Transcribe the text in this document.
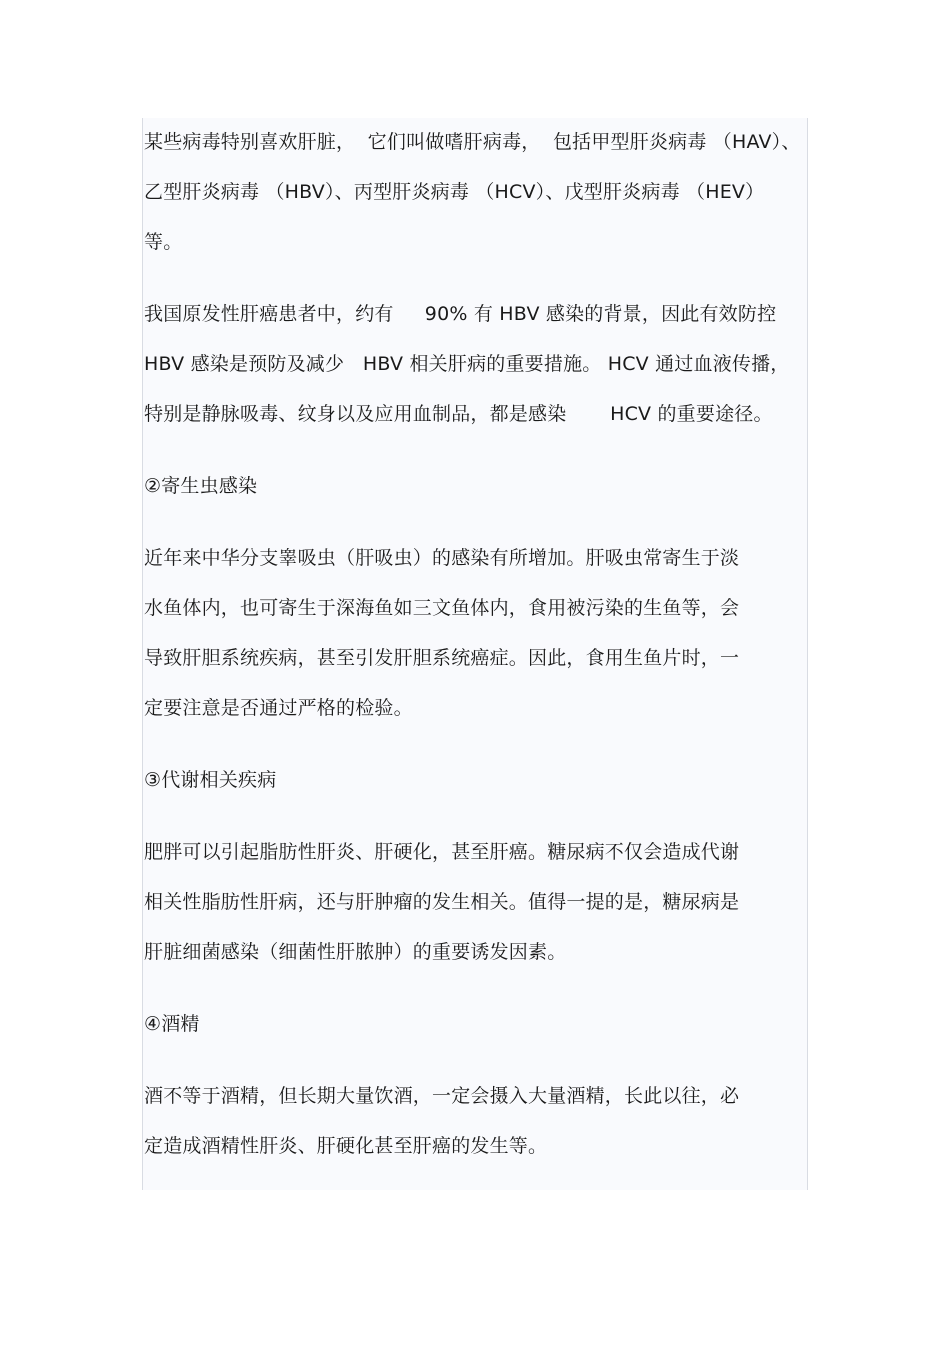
某些病毒特别喜欢肝脏，  它们叫做嗜肝病毒，  包括甲型肝炎病毒 （HAV）、
乙型肝炎病毒 （HBV）、丙型肝炎病毒 （HCV）、戊型肝炎病毒 （HEV）
等。
我国原发性肝癌患者中，约有     90% 有 HBV 感染的背景，因此有效防控
HBV 感染是预防及减少   HBV 相关肝病的重要措施。 HCV 通过血液传播，
特别是静脉吸毒、纹身以及应用血制品，都是感染       HCV 的重要途径。
②寄生虫感染
近年来中华分支睾吸虫（肝吸虫）的感染有所增加。肝吸虫常寄生于淡
水鱼体内，也可寄生于深海鱼如三文鱼体内，食用被污染的生鱼等，会
导致肝胆系统疾病，甚至引发肝胆系统癌症。因此，食用生鱼片时，一
定要注意是否通过严格的检验。
③代谢相关疾病
肥胖可以引起脂肪性肝炎、肝硬化，甚至肝癌。糖尿病不仅会造成代谢
相关性脂肪性肝病，还与肝肿瘤的发生相关。值得一提的是，糖尿病是
肝脏细菌感染（细菌性肝脓肿）的重要诱发因素。
④酒精
酒不等于酒精，但长期大量饮酒，一定会摄入大量酒精，长此以往，必
定造成酒精性肝炎、肝硬化甚至肝癌的发生等。
